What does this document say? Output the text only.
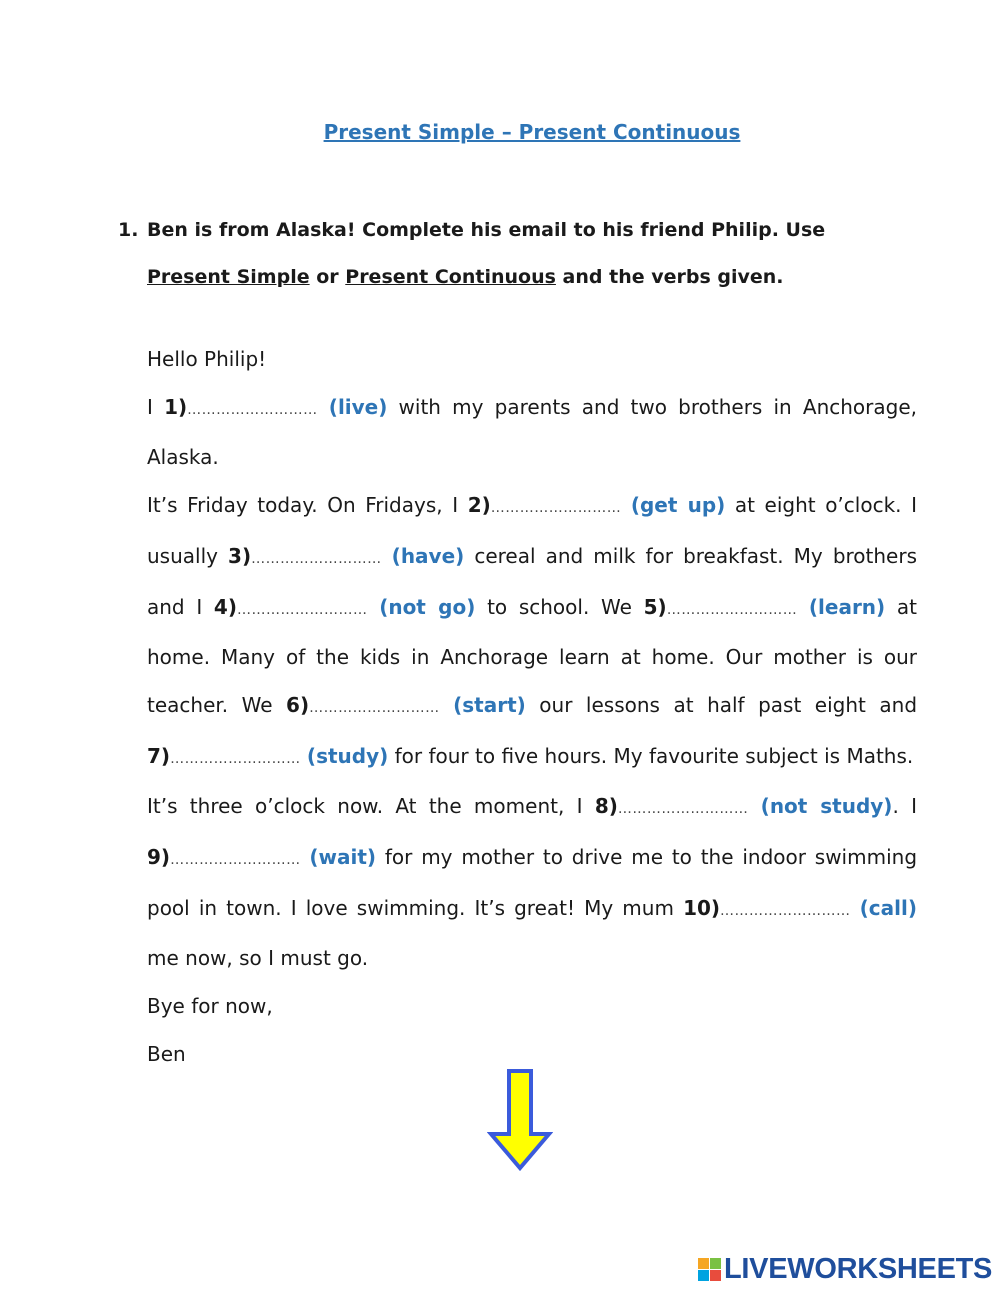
Present Simple – Present Continuous
1. Ben is from Alaska! Complete his email to his friend Philip. Use
Present Simple or Present Continuous and the verbs given.

Hello Philip!

I 1)……………………… (live) with my parents and two brothers in Anchorage, Alaska.

It’s Friday today. On Fridays, I 2)……………………… (get up) at eight o’clock. I usually 3)……………………… (have) cereal and milk for breakfast. My brothers and I 4)……………………… (not go) to school. We 5)……………………… (learn) at home. Many of the kids in Anchorage learn at home. Our mother is our teacher. We 6)……………………… (start) our lessons at half past eight and 7)……………………… (study) for four to five hours. My favourite subject is Maths.

It’s three o’clock now. At the moment, I 8)……………………… (not study). I 9)……………………… (wait) for my mother to drive me to the indoor swimming pool in town. I love swimming. It’s great! My mum 10)……………………… (call) me now, so I must go.

Bye for now,

Ben

LIVEWORKSHEETS
